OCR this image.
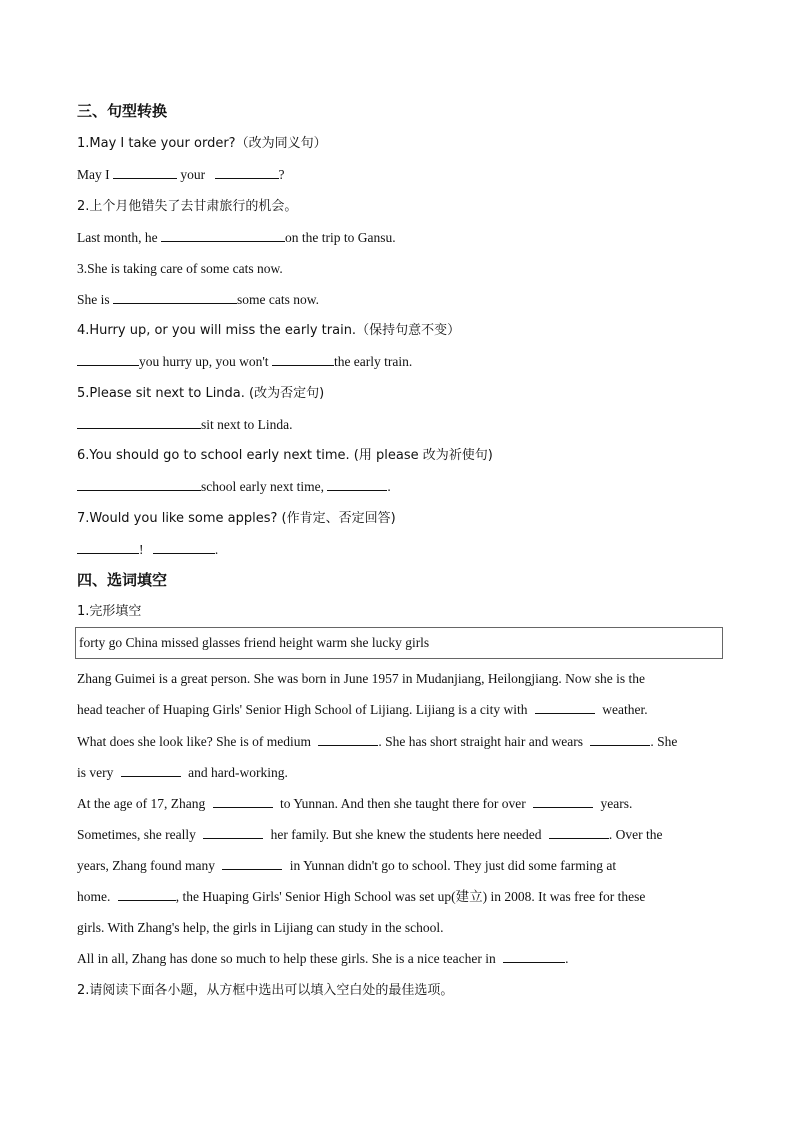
三、句型转换
1.May I take your order?（改为同义句）
May I	your	?
2.上个月他错失了去甘肃旅行的机会。
Last month, he	on the trip to Gansu.
3.She is taking care of some cats now.
She is	some cats now.
4.Hurry up, or you will miss the early train.（保持句意不变）
you hurry up, you won't	the early train.
5.Please sit next to Linda. (改为否定句)
sit next to Linda.
6.You should go to school early next time. (用 please 改为祈使句)
school early next time,	.
7.Would you like some apples? (作肯定、否定回答)
!	.
四、选词填空
1.完形填空
forty go China missed glasses friend height warm she lucky girls
Zhang Guimei is a great person. She was born in June 1957 in Mudanjiang, Heilongjiang. Now she is the
head teacher of Huaping Girls' Senior High School of Lijiang. Lijiang is a city with	weather.
What does she look like? She is of medium	. She has short straight hair and wears	. She
is very	and hard-working.
At the age of 17, Zhang	to Yunnan. And then she taught there for over	years.
Sometimes, she really	her family. But she knew the students here needed	. Over the
years, Zhang found many	in Yunnan didn't go to school. They just did some farming at
home.	, the Huaping Girls' Senior High School was set up(建立) in 2008. It was free for these
girls. With Zhang's help, the girls in Lijiang can study in the school.
All in all, Zhang has done so much to help these girls. She is a nice teacher in	.
2.请阅读下面各小题，从方框中选出可以填入空白处的最佳选项。
